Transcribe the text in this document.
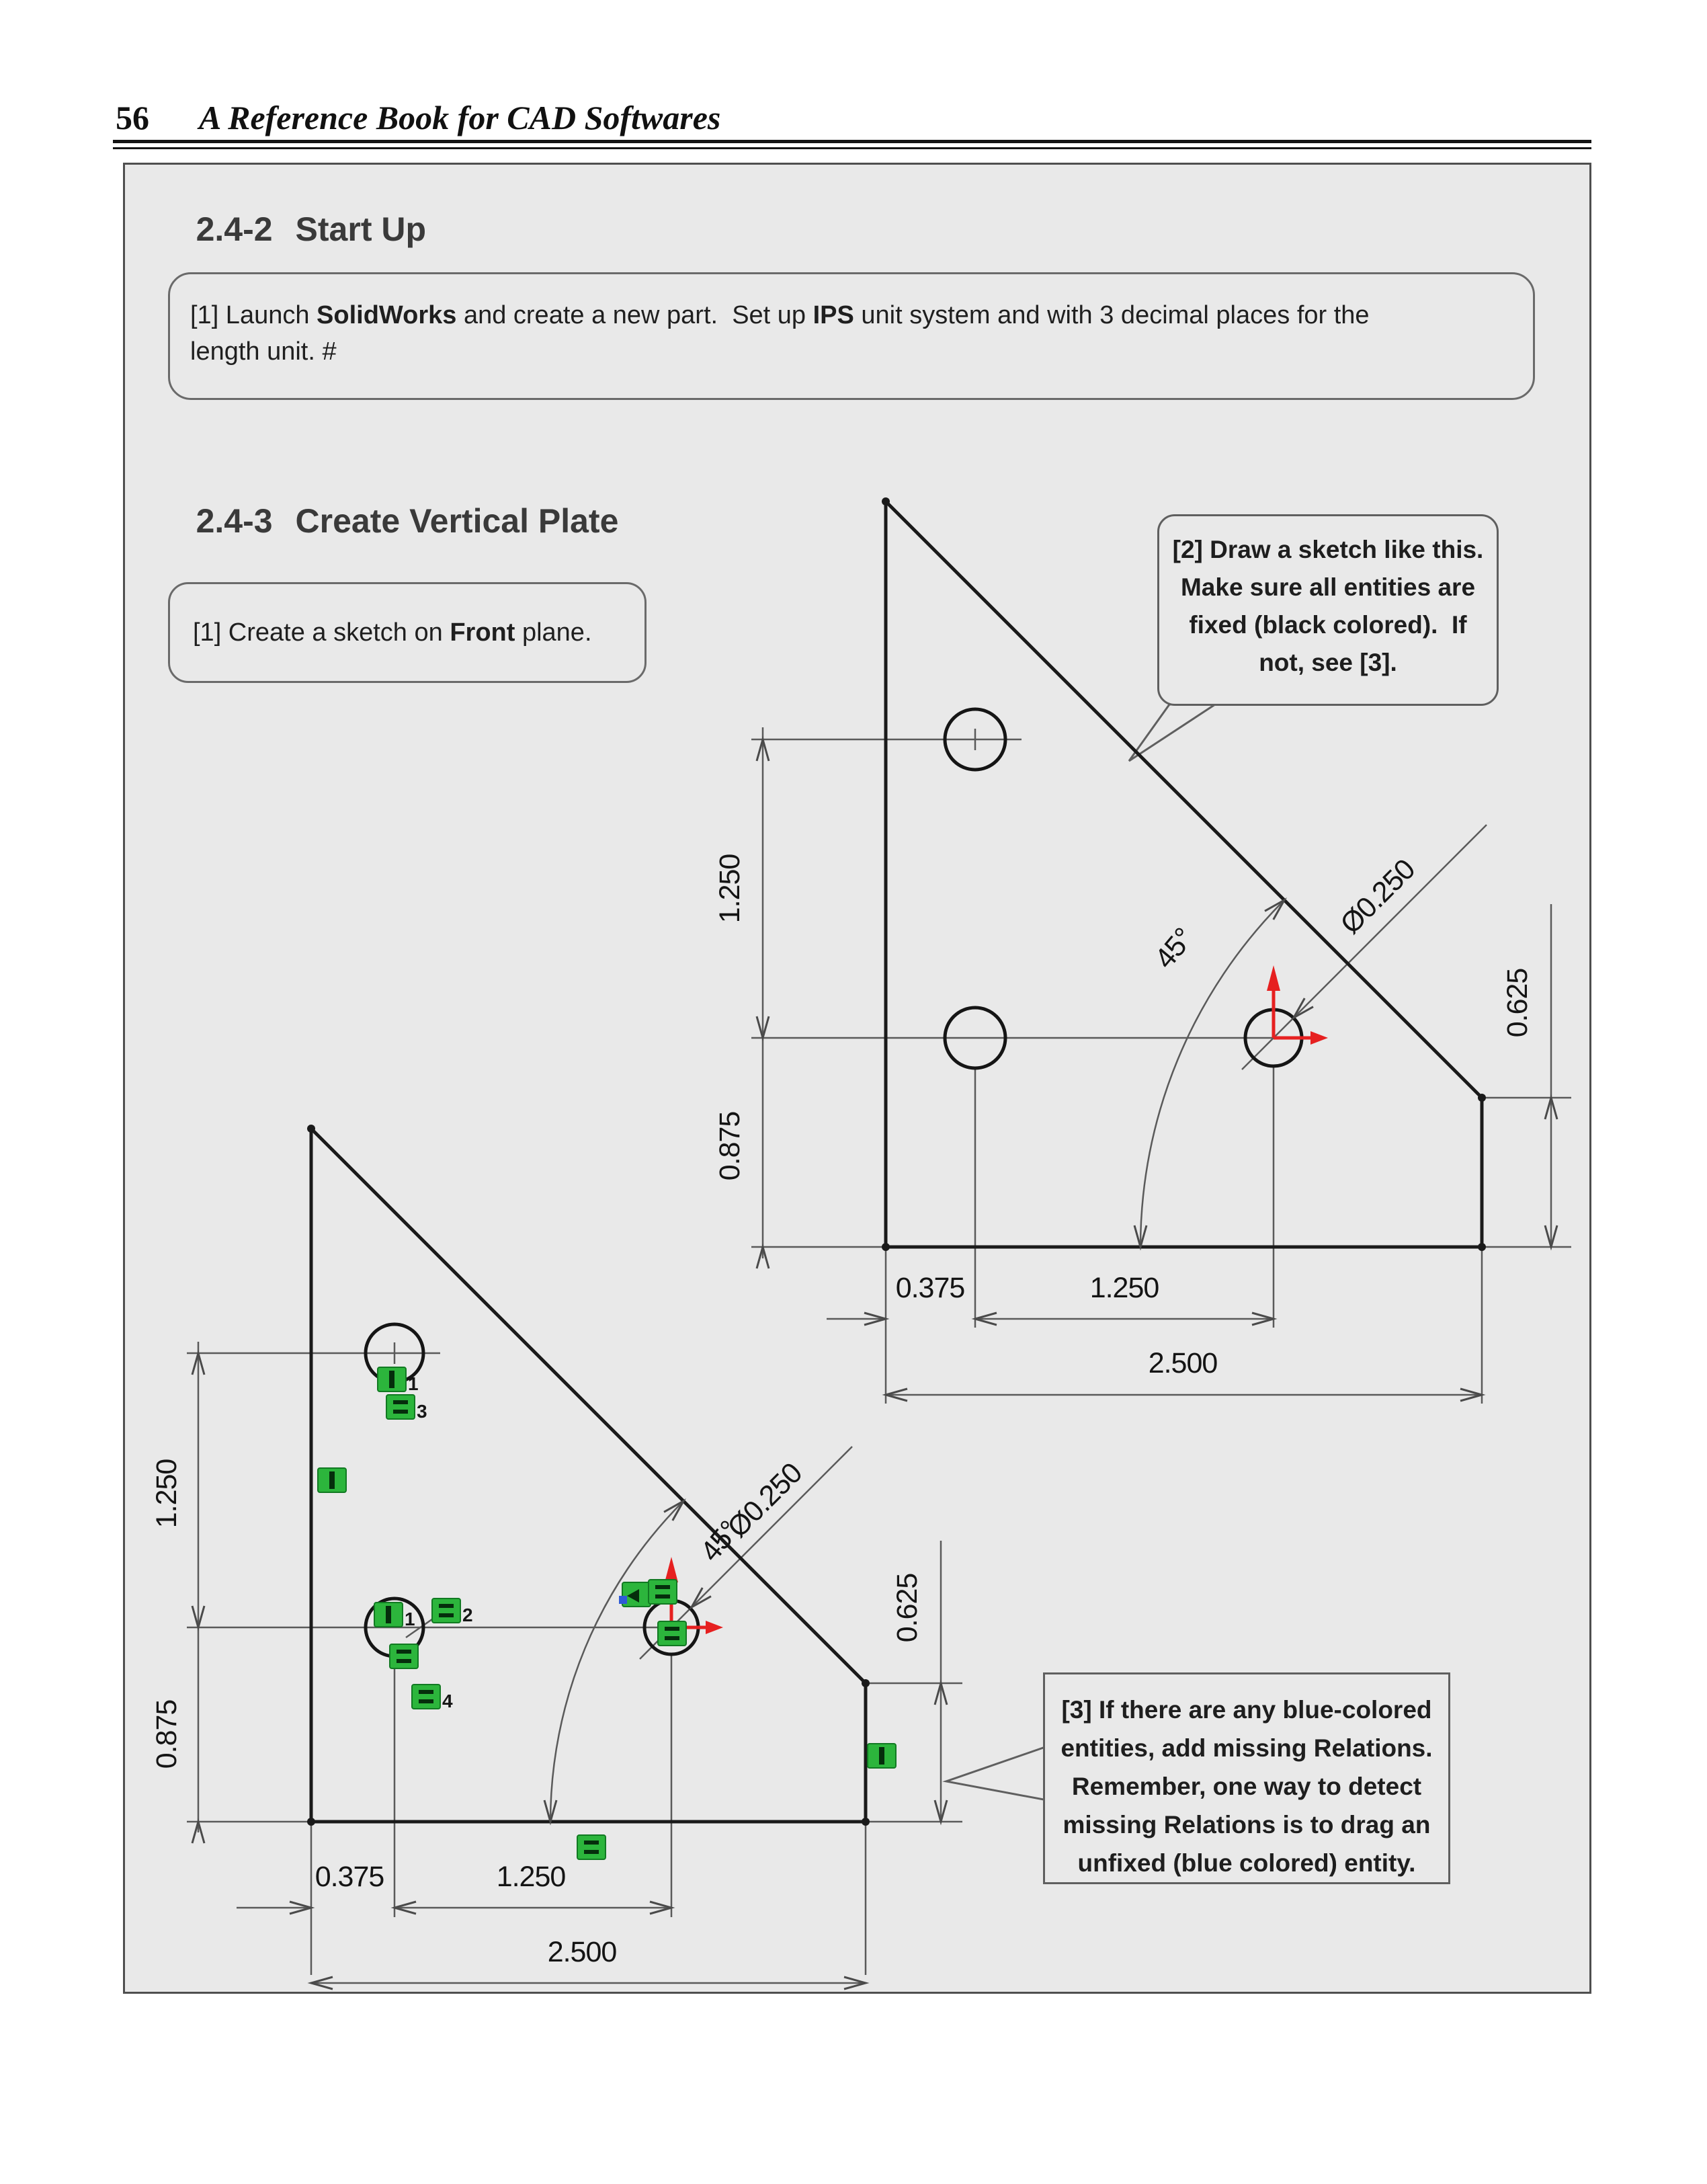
56 A Reference Book for CAD Softwares

2.4-2 Start Up

[1] Launch SolidWorks and create a new part.  Set up IPS unit system and with 3 decimal places for the
length unit. #

2.4-3 Create Vertical Plate

[1] Create a sketch on Front plane.
1.250
0.875
0.375	1.250
2.500
0.625
45°
Ø0.250
1
3
2
1
4
1.250
0.875
0.375	1.250
2.500
0.625
45°
Ø0.250
[2] Draw a sketch like this.
Make sure all entities are
fixed (black colored).  If
not, see [3].
[3] If there are any blue-colored
entities, add missing Relations.
Remember, one way to detect
missing Relations is to drag an
unfixed (blue colored) entity.
